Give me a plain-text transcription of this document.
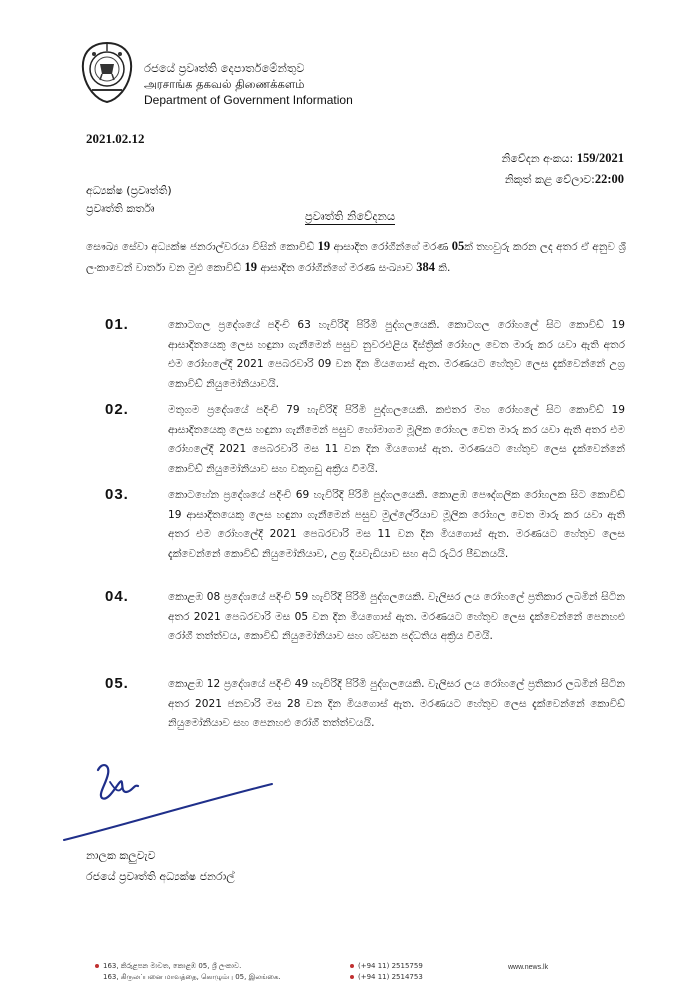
රජයේ ප්‍රවෘත්ති දෙපාර්තමේන්තුව
அரசாங்க தகவல் திணைக்களம்
Department of Government Information
2021.02.12
නිවේදන අංකය: 159/2021
නිකුත් කළ වේලාව:22:00
අධ්‍යක්ෂ (ප්‍රවෘත්ති)
ප්‍රවෘත්ති කර්තෘ
ප්‍රවෘත්ති නිවේදනය
සෞඛ්‍ය සේවා අධ්‍යක්ෂ ජනරාල්වරයා විසින් කොවිඩ් 19 ආසාදිත රෝගීන්ගේ මරණ 05ක් තහවුරු කරන ලද අතර ඒ අනුව ශ්‍රී ලංකාවෙන් වාර්තා වන මුළු කොවිඩ් 19 ආසාදිත රෝගීන්ගේ මරණ සංඛ්‍යාව 384 කි.
01.	කොටගල ප්‍රදේශයේ පදිංචි 63 හැවිරිදි පිරිමි පුද්ගලයෙකි. කොටගල රෝහලේ සිට කොවිඩ් 19 ආසාදිතයෙකු ලෙස හඳුනා ගැනීමෙන් පසුව නුවරඑළිය දිස්ත්‍රික් රෝහල වෙත මාරු කර යවා ඇති අතර එම රෝහලේදී 2021 පෙබරවාරි 09 වන දින මියගොස් ඇත. මරණයට හේතුව ලෙස දැක්වෙන්නේ උග්‍ර කොවිඩ් නියුමෝනියාවයි.
02.	මතුගම ප්‍රදේශයේ පදිංචි 79 හැවිරිදි පිරිමි පුද්ගලයෙකි. කළුතර මහ රෝහලේ සිට කොවිඩ් 19 ආසාදිතයෙකු ලෙස හඳුනා ගැනීමෙන් පසුව හෝමාගම මූලික රෝහල වෙත මාරු කර යවා ඇති අතර එම රෝහලේදී 2021 පෙබරවාරි මස 11 වන දින මියගොස් ඇත. මරණයට හේතුව ලෙස දැක්වෙන්නේ කොවිඩ් නියුමෝනියාව සහ වකුගඩු අක්‍රිය වීමයි.
03.	කොටහේන ප්‍රදේශයේ පදිංචි 69 හැවිරිදි පිරිමි පුද්ගලයෙකි. කොළඹ පෞද්ගලික රෝහලක සිට කොවිඩ් 19 ආසාදිතයෙකු ලෙස හඳුනා ගැනීමෙන් පසුව මුල්ලේරියාව මූලික රෝහල වෙත මාරු කර යවා ඇති අතර එම රෝහලේදී 2021 පෙබරවාරි මස 11 වන දින මියගොස් ඇත. මරණයට හේතුව ලෙස දැක්වෙන්නේ කොවිඩ් නියුමෝනියාව, උග්‍ර දියවැඩියාව සහ අධි රුධිර පීඩනයයි.
04.	කොළඹ 08 ප්‍රදේශයේ පදිංචි 59 හැවිරිදි පිරිමි පුද්ගලයෙකි. වැලිසර ලය රෝහලේ ප්‍රතිකාර ලබමින් සිටින අතර 2021 පෙබරවාරි මස 05 වන දින මියගොස් ඇත. මරණයට හේතුව ලෙස දැක්වෙන්නේ පෙනහළු රෝගී තත්ත්වය, කොවිඩ් නියුමෝනියාව සහ ශ්වසන පද්ධතිය අක්‍රිය වීමයි.
05.	කොළඹ 12 ප්‍රදේශයේ පදිංචි 49 හැවිරිදි පිරිමි පුද්ගලයෙකි. වැලිසර ලය රෝහලේ ප්‍රතිකාර ලබමින් සිටින අතර 2021 ජනවාරි මස 28 වන දින මියගොස් ඇත. මරණයට හේතුව ලෙස දැක්වෙන්නේ කොවිඩ් නියුමෝනියාව සහ පෙනහළු රෝගී තත්ත්වයයි.
නාලක කලුවැව
රජයේ ප්‍රවෘත්ති අධ්‍යක්ෂ ජනරාල්
163, කිරුළපන මාවත, කොළඹ 05, ශ්‍රී ලංකාව.
163, கிருலப்பனை மாவத்தை, கொழும்பு 05, இலங்கை.
(+94 11) 2515759
(+94 11) 2514753
www.news.lk
